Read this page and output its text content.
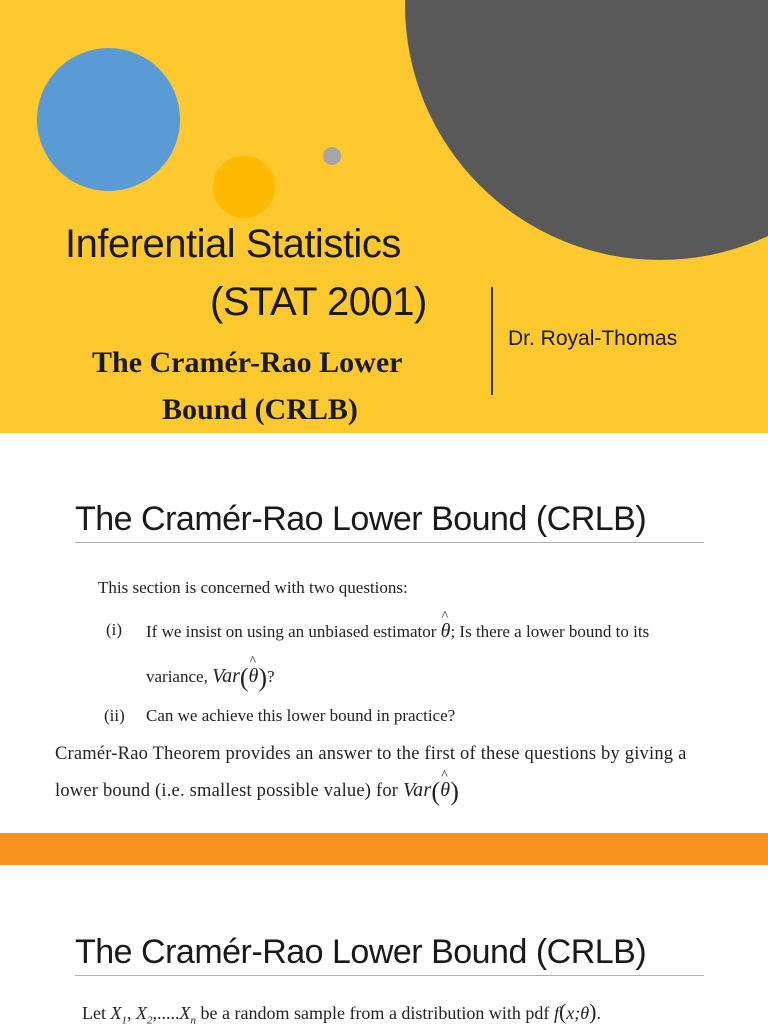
Inferential Statistics
(STAT 2001)
The Cramér-Rao Lower
Bound (CRLB)
Dr. Royal-Thomas
The Cramér-Rao Lower Bound (CRLB)
This section is concerned with two questions:
(i) If we insist on using an unbiased estimator ^ θ; Is there a lower bound to its
variance, Var(^ θ)?
(ii) Can we achieve this lower bound in practice?
Cramér-Rao Theorem provides an answer to the first of these questions by giving a
lower bound (i.e. smallest possible value) for Var(^ θ)
The Cramér-Rao Lower Bound (CRLB)
Let $X_1$, $X_2,.....X_n$ be a random sample from a distribution with pdf f(x;θ).
